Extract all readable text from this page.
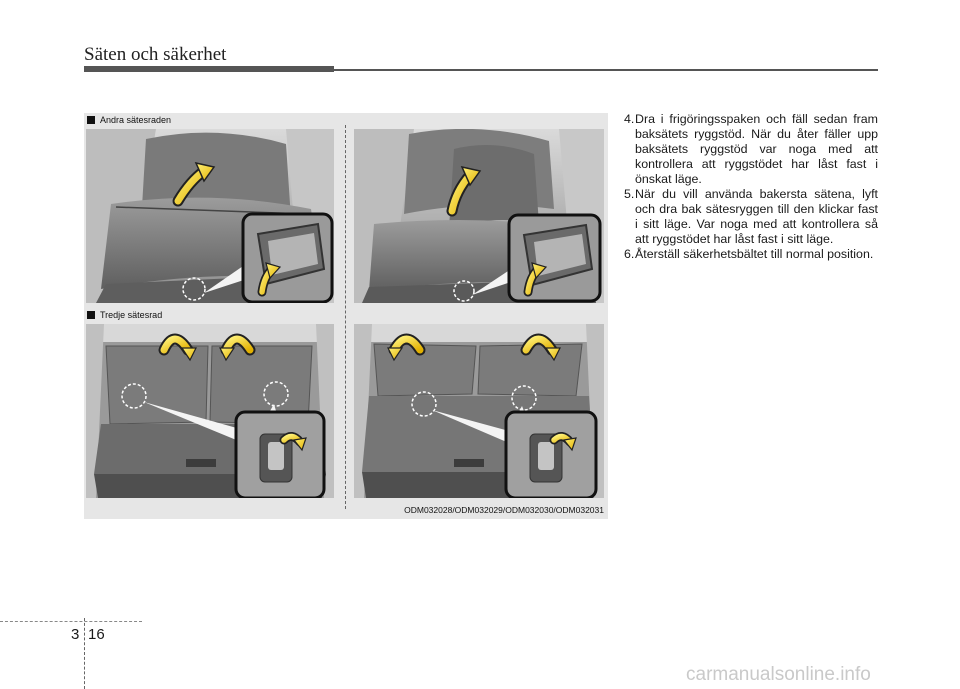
Säten och säkerhet
Andra sätesraden
Tredje sätesrad
ODM032028/ODM032029/ODM032030/ODM032031
4. Dra i frigöringsspaken och fäll sedan fram baksätets ryggstöd. När du åter fäller upp baksätets ryggstöd var noga med att kontrollera att ryggstödet har låst fast i önskat läge.
5. När du vill använda bakersta sätena, lyft och dra bak sätesryggen till den klickar fast i sitt läge. Var noga med att kontrollera så att ryggstödet har låst fast i sitt läge.
6. Återställ säkerhetsbältet till normal position.
3 16
carmanualsonline.info
